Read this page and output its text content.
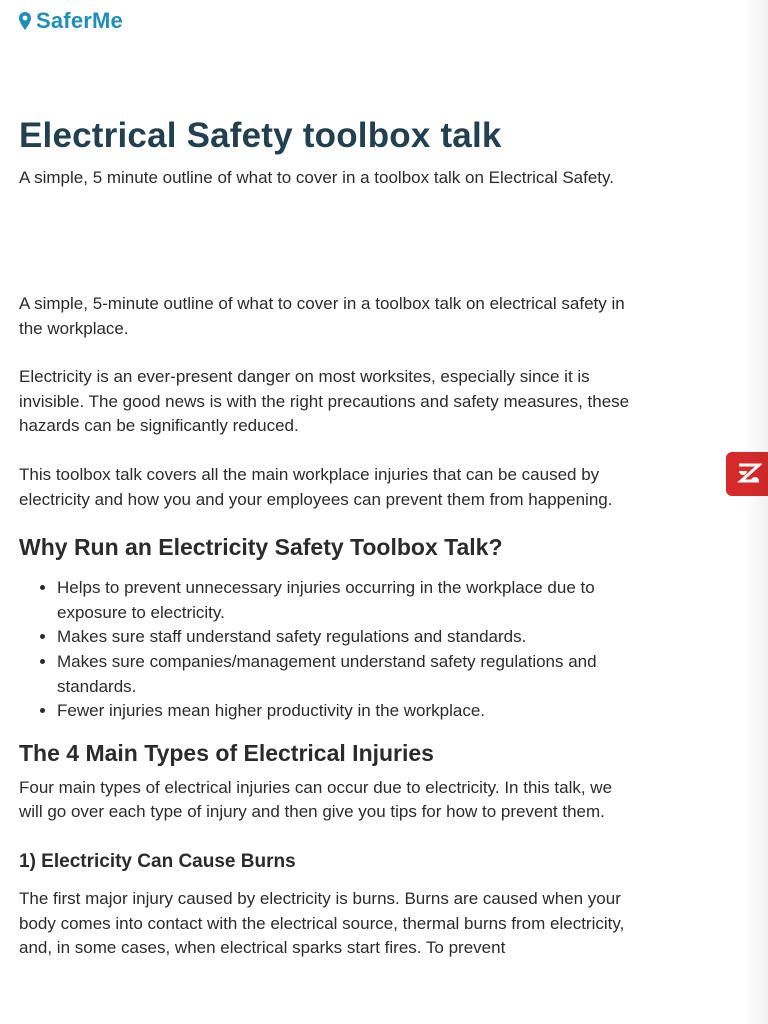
SaferMe
Electrical Safety toolbox talk

A simple, 5 minute outline of what to cover in a toolbox talk on Electrical Safety.

A simple, 5-minute outline of what to cover in a toolbox talk on electrical safety in the workplace.

Electricity is an ever-present danger on most worksites, especially since it is invisible. The good news is with the right precautions and safety measures, these hazards can be significantly reduced.

This toolbox talk covers all the main workplace injuries that can be caused by electricity and how you and your employees can prevent them from happening.

Why Run an Electricity Safety Toolbox Talk?
• Helps to prevent unnecessary injuries occurring in the workplace due to exposure to electricity.
• Makes sure staff understand safety regulations and standards.
• Makes sure companies/management understand safety regulations and standards.
• Fewer injuries mean higher productivity in the workplace.
The 4 Main Types of Electrical Injuries

Four main types of electrical injuries can occur due to electricity. In this talk, we will go over each type of injury and then give you tips for how to prevent them.

1) Electricity Can Cause Burns

The first major injury caused by electricity is burns. Burns are caused when your body comes into contact with the electrical source, thermal burns from electricity, and, in some cases, when electrical sparks start fires. To prevent
